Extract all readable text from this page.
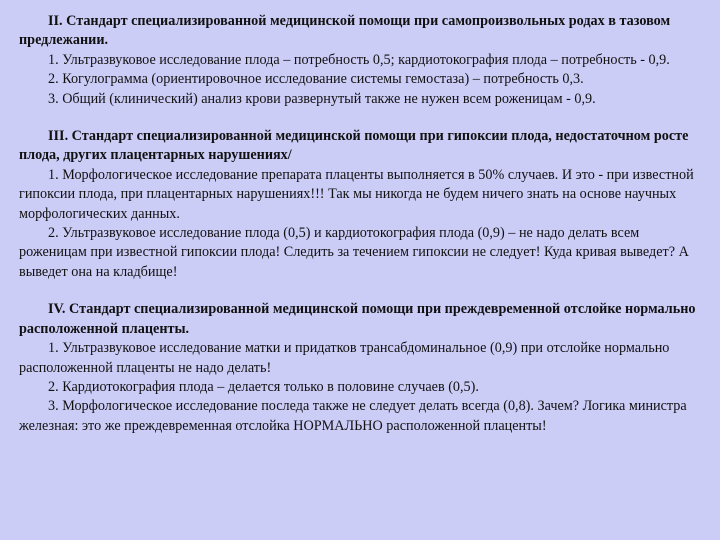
II. Стандарт специализированной медицинской помощи при самопроизвольных родах в тазовом предлежании.

1. Ультразвуковое исследование плода – потребность 0,5; кардиотокография плода – потребность - 0,9.

2. Когулограмма (ориентировочное исследование системы гемостаза) – потребность 0,3.

3. Общий (клинический) анализ крови развернутый также не нужен всем роженицам - 0,9.

III. Стандарт специализированной медицинской помощи при гипоксии плода, недостаточном росте плода, других плацентарных нарушениях/

1. Морфологическое исследование препарата плаценты выполняется в 50% случаев. И это - при известной гипоксии плода, при плацентарных нарушениях!!! Так мы никогда не будем ничего знать на основе научных морфологических данных.

2. Ультразвуковое исследование плода (0,5) и кардиотокография плода (0,9) – не надо делать всем роженицам при известной гипоксии плода! Следить за течением гипоксии не следует! Куда кривая выведет? А выведет она на кладбище!

IV. Стандарт специализированной медицинской помощи при преждевременной отслойке нормально расположенной плаценты.

1. Ультразвуковое исследование матки и придатков трансабдоминальное (0,9) при отслойке нормально расположенной плаценты не надо делать!

2. Кардиотокография плода – делается только в половине случаев (0,5).

3. Морфологическое исследование последа также не следует делать всегда (0,8). Зачем? Логика министра железная: это же преждевременная отслойка НОРМАЛЬНО расположенной плаценты!
